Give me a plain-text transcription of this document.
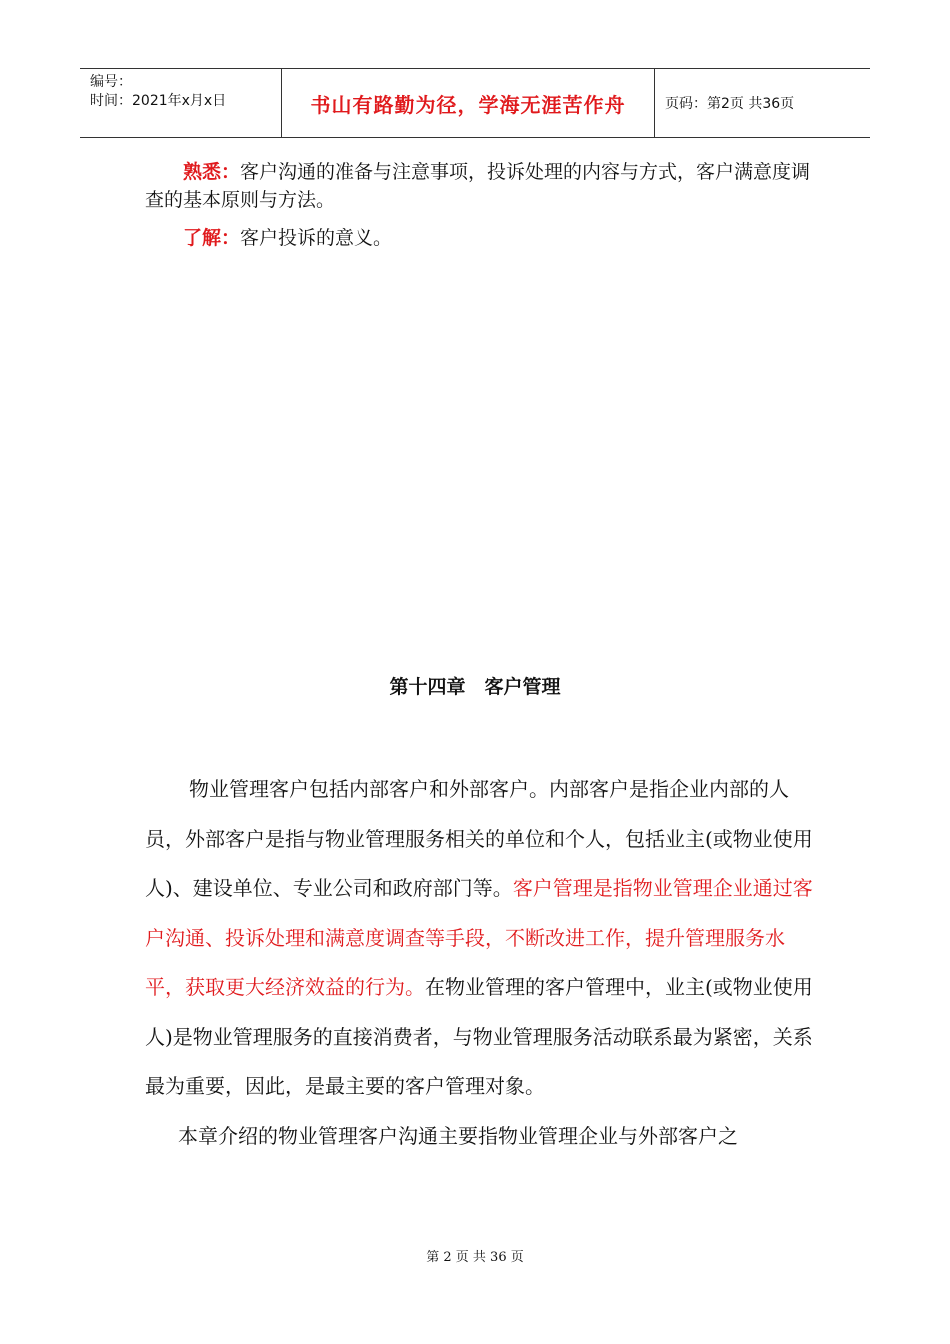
编号：
时间：2021年x月x日	书山有路勤为径，学海无涯苦作舟	页码：第2页 共36页
熟悉：客户沟通的准备与注意事项，投诉处理的内容与方式，客户满意度调查的基本原则与方法。
了解：客户投诉的意义。
第十四章　客户管理

物业管理客户包括内部客户和外部客户。内部客户是指企业内部的人员，外部客户是指与物业管理服务相关的单位和个人，包括业主(或物业使用人)、建设单位、专业公司和政府部门等。客户管理是指物业管理企业通过客户沟通、投诉处理和满意度调查等手段，不断改进工作，提升管理服务水平，获取更大经济效益的行为。在物业管理的客户管理中，业主(或物业使用人)是物业管理服务的直接消费者，与物业管理服务活动联系最为紧密，关系最为重要，因此，是最主要的客户管理对象。

本章介绍的物业管理客户沟通主要指物业管理企业与外部客户之

第 2 页 共 36 页
